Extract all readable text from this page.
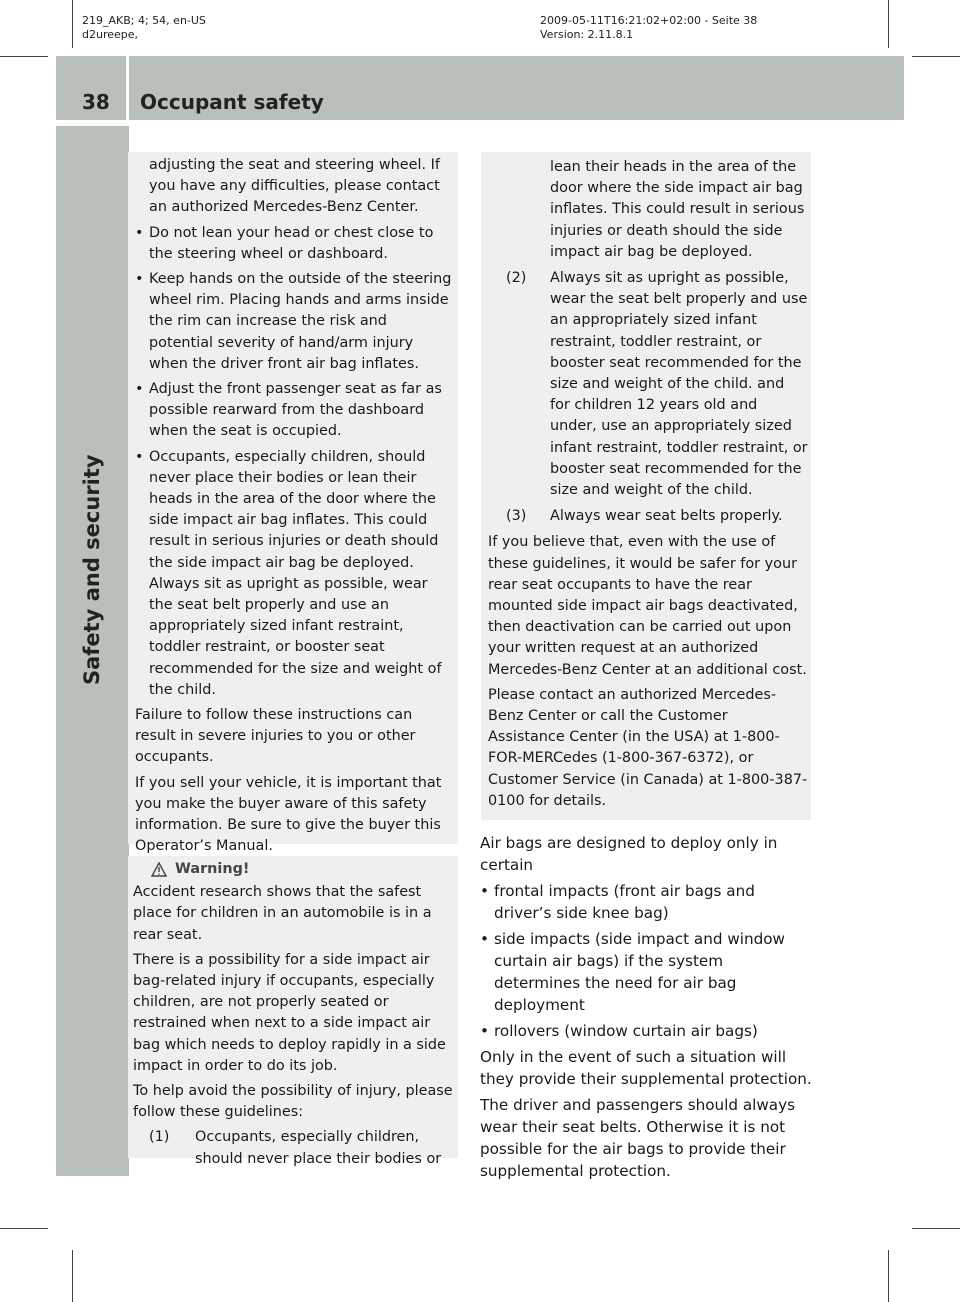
219_AKB; 4; 54, en-US
d2ureepe,
2009-05-11T16:21:02+02:00 - Seite 38
Version: 2.11.8.1
38 Occupant safety
Safety and security

adjusting the seat and steering wheel. If you have any difficulties, please contact an authorized Mercedes-Benz Center.

• Do not lean your head or chest close to the steering wheel or dashboard.
• Keep hands on the outside of the steering wheel rim. Placing hands and arms inside the rim can increase the risk and potential severity of hand/arm injury when the driver front air bag inflates.
• Adjust the front passenger seat as far as possible rearward from the dashboard when the seat is occupied.
• Occupants, especially children, should never place their bodies or lean their heads in the area of the door where the side impact air bag inflates. This could result in serious injuries or death should the side impact air bag be deployed. Always sit as upright as possible, wear the seat belt properly and use an appropriately sized infant restraint, toddler restraint, or booster seat recommended for the size and weight of the child.

Failure to follow these instructions can result in severe injuries to you or other occupants.

If you sell your vehicle, it is important that you make the buyer aware of this safety information. Be sure to give the buyer this Operator’s Manual.

Warning!

Accident research shows that the safest place for children in an automobile is in a rear seat.

There is a possibility for a side impact air bag-related injury if occupants, especially children, are not properly seated or restrained when next to a side impact air bag which needs to deploy rapidly in a side impact in order to do its job.

To help avoid the possibility of injury, please follow these guidelines:

(1)	Occupants, especially children, should never place their bodies or
lean their heads in the area of the door where the side impact air bag inflates. This could result in serious injuries or death should the side impact air bag be deployed.
(2)	Always sit as upright as possible, wear the seat belt properly and use an appropriately sized infant restraint, toddler restraint, or booster seat recommended for the size and weight of the child. and for children 12 years old and under, use an appropriately sized infant restraint, toddler restraint, or booster seat recommended for the size and weight of the child.
(3)	Always wear seat belts properly.

If you believe that, even with the use of these guidelines, it would be safer for your rear seat occupants to have the rear mounted side impact air bags deactivated, then deactivation can be carried out upon your written request at an authorized Mercedes-Benz Center at an additional cost.

Please contact an authorized Mercedes-Benz Center or call the Customer Assistance Center (in the USA) at 1-800-FOR-MERCedes (1-800-367-6372), or Customer Service (in Canada) at 1-800-387-0100 for details.

Air bags are designed to deploy only in certain

• frontal impacts (front air bags and driver’s side knee bag)
• side impacts (side impact and window curtain air bags) if the system determines the need for air bag deployment
• rollovers (window curtain air bags)

Only in the event of such a situation will they provide their supplemental protection.

The driver and passengers should always wear their seat belts. Otherwise it is not possible for the air bags to provide their supplemental protection.
